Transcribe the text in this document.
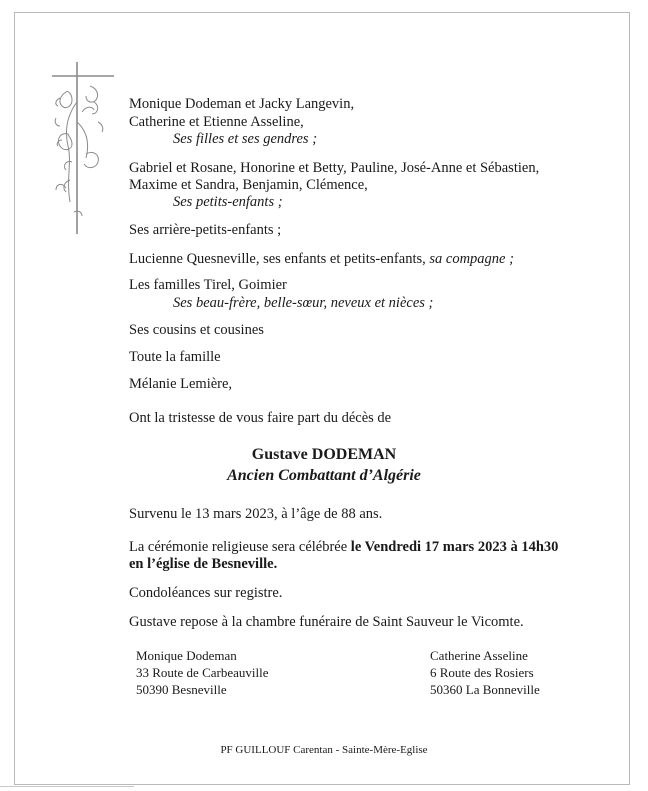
Monique Dodeman et Jacky Langevin,
Catherine et Etienne Asseline,
Ses filles et ses gendres ;
Gabriel et Rosane, Honorine et Betty, Pauline, José-Anne et Sébastien,
Maxime et Sandra, Benjamin, Clémence,
Ses petits-enfants ;
Ses arrière-petits-enfants ;
Lucienne Quesneville, ses enfants et petits-enfants, sa compagne ;
Les familles Tirel, Goimier
Ses beau-frère, belle-sœur, neveux et nièces ;
Ses cousins et cousines
Toute la famille
Mélanie Lemière,
Ont la tristesse de vous faire part du décès de
Gustave DODEMAN
Ancien Combattant d’Algérie
Survenu le 13 mars 2023, à l’âge de 88 ans.
La cérémonie religieuse sera célébrée le Vendredi 17 mars 2023 à 14h30
en l’église de Besneville.
Condoléances sur registre.
Gustave repose à la chambre funéraire de Saint Sauveur le Vicomte.
Monique Dodeman
33 Route de Carbeauville
50390 Besneville
Catherine Asseline
6 Route des Rosiers
50360 La Bonneville
PF GUILLOUF Carentan - Sainte-Mère-Eglise
